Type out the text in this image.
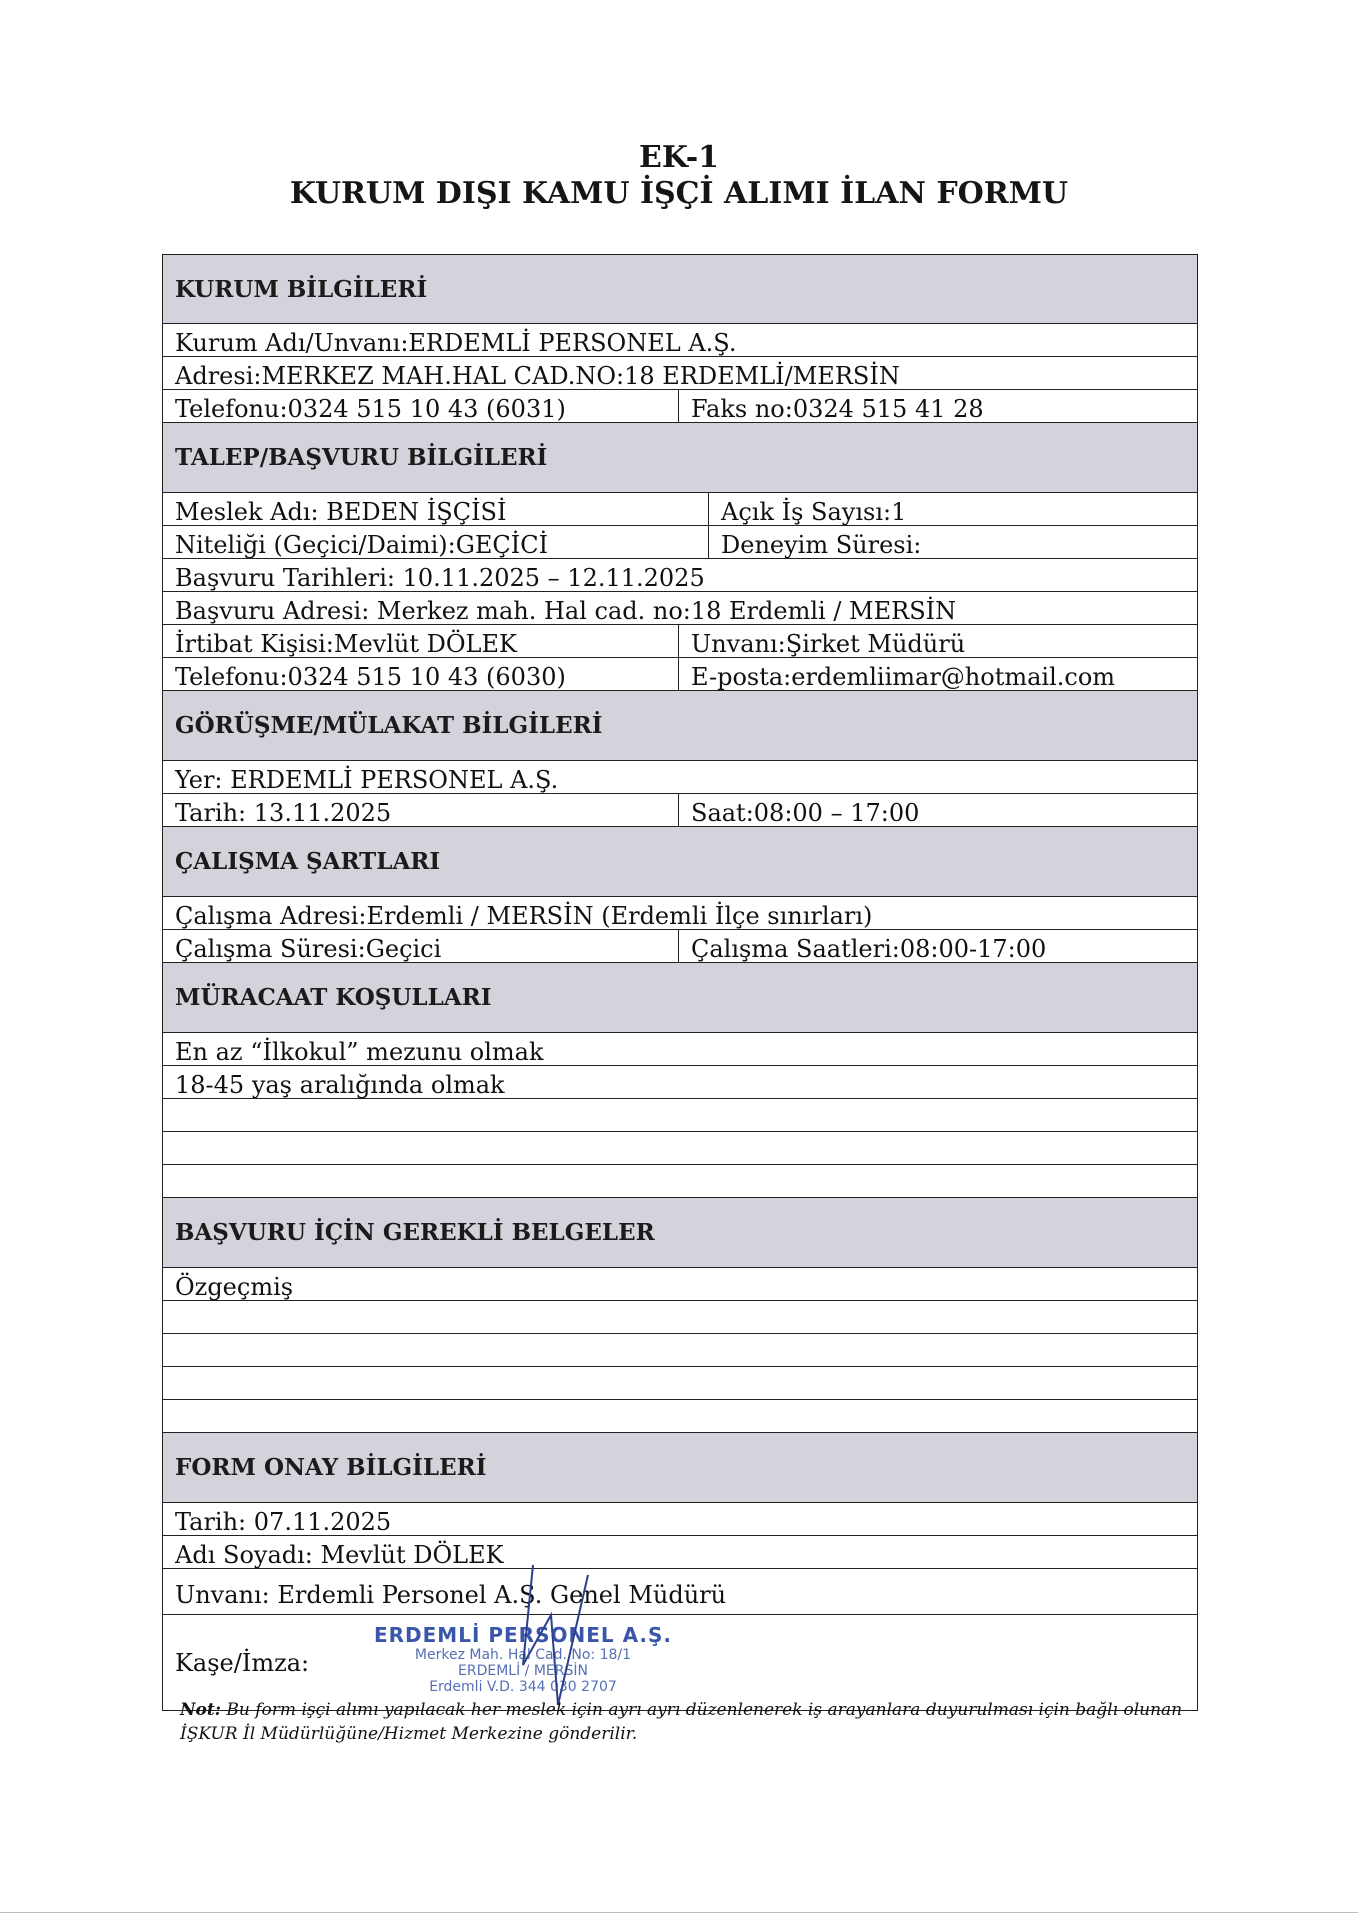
EK-1
KURUM DIŞI KAMU İŞÇİ ALIMI İLAN FORMU
KURUM BİLGİLERİ
Kurum Adı/Unvanı:ERDEMLİ PERSONEL A.Ş.
Adresi:MERKEZ MAH.HAL CAD.NO:18 ERDEMLİ/MERSİN
Telefonu:0324 515 10 43 (6031)	Faks no:0324 515 41 28
TALEP/BAŞVURU BİLGİLERİ
Meslek Adı: BEDEN İŞÇİSİ	Açık İş Sayısı:1
Niteliği (Geçici/Daimi):GEÇİCİ	Deneyim Süresi:
Başvuru Tarihleri: 10.11.2025 – 12.11.2025
Başvuru Adresi: Merkez mah. Hal cad. no:18 Erdemli / MERSİN
İrtibat Kişisi:Mevlüt DÖLEK	Unvanı:Şirket Müdürü
Telefonu:0324 515 10 43 (6030)	E-posta:erdemliimar@hotmail.com
GÖRÜŞME/MÜLAKAT BİLGİLERİ
Yer: ERDEMLİ PERSONEL A.Ş.
Tarih: 13.11.2025	Saat:08:00 – 17:00
ÇALIŞMA ŞARTLARI
Çalışma Adresi:Erdemli / MERSİN (Erdemli İlçe sınırları)
Çalışma Süresi:Geçici	Çalışma Saatleri:08:00-17:00
MÜRACAAT KOŞULLARI
En az “İlkokul” mezunu olmak
18-45 yaş aralığında olmak
BAŞVURU İÇİN GEREKLİ BELGELER
Özgeçmiş
FORM ONAY BİLGİLERİ
Tarih: 07.11.2025
Adı Soyadı: Mevlüt DÖLEK
Unvanı: Erdemli Personel A.Ş. Genel Müdürü
Kaşe/İmza:
ERDEMLİ PERSONEL A.Ş.
Merkez Mah. Hal Cad. No: 18/1
ERDEMLİ / MERSİN
Erdemli V.D. 344 030 2707
Not: Bu form işçi alımı yapılacak her meslek için ayrı ayrı düzenlenerek iş arayanlara duyurulması için bağlı olunan İŞKUR İl Müdürlüğüne/Hizmet Merkezine gönderilir.
